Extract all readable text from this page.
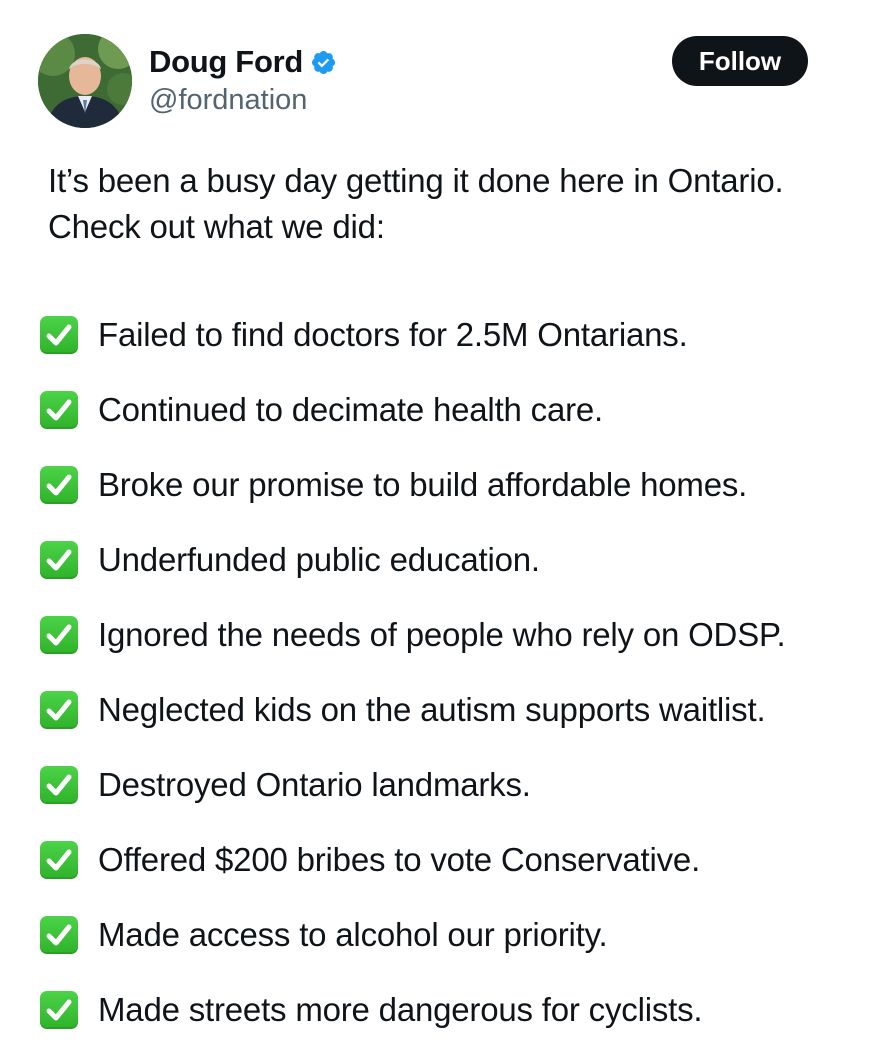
Doug Ford
@fordnation
Follow
It’s been a busy day getting it done here in Ontario. Check out what we did:
Failed to find doctors for 2.5M Ontarians.
Continued to decimate health care.
Broke our promise to build affordable homes.
Underfunded public education.
Ignored the needs of people who rely on ODSP.
Neglected kids on the autism supports waitlist.
Destroyed Ontario landmarks.
Offered $200 bribes to vote Conservative.
Made access to alcohol our priority.
Made streets more dangerous for cyclists.
